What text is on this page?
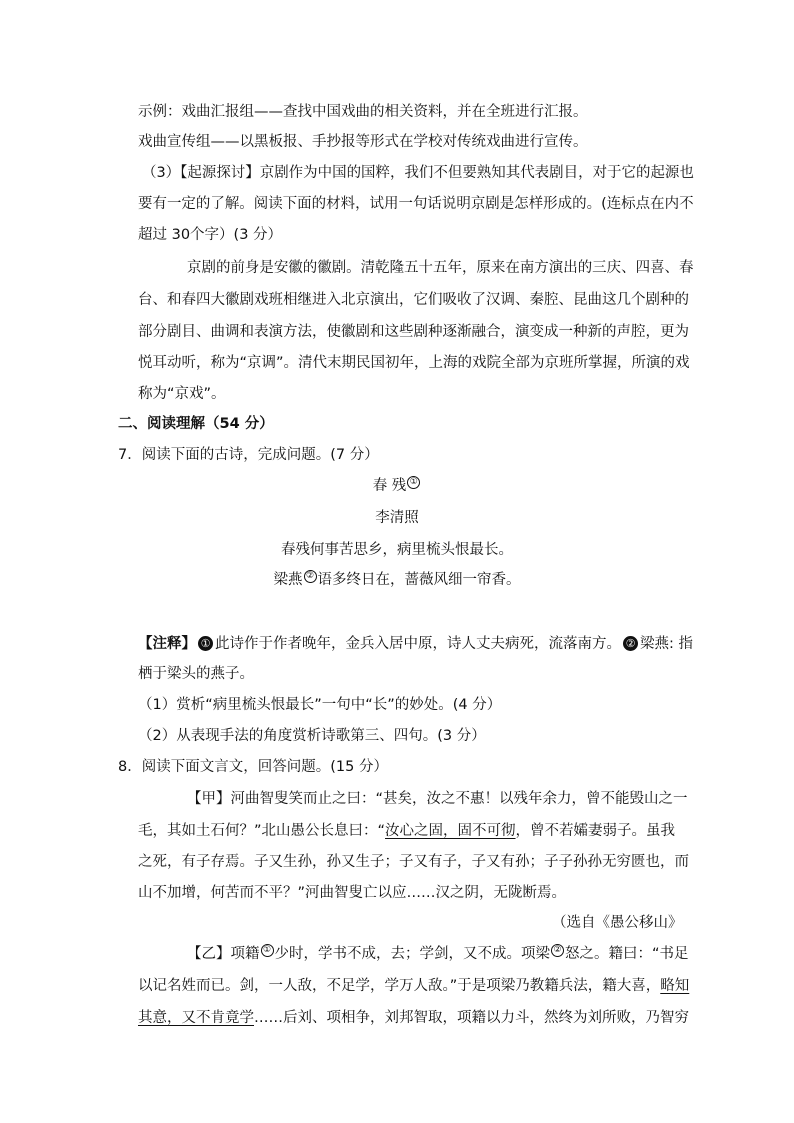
示例：戏曲汇报组——查找中国戏曲的相关资料，并在全班进行汇报。
戏曲宣传组——以黑板报、手抄报等形式在学校对传统戏曲进行宣传。
（3）【起源探讨】京剧作为中国的国粹，我们不但要熟知其代表剧目，对于它的起源也
要有一定的了解。阅读下面的材料，试用一句话说明京剧是怎样形成的。(连标点在内不
超过 30个字）(3 分）
京剧的前身是安徽的徽剧。清乾隆五十五年，原来在南方演出的三庆、四喜、春
台、和春四大徽剧戏班相继进入北京演出，它们吸收了汉调、秦腔、昆曲这几个剧种的
部分剧目、曲调和表演方法，使徽剧和这些剧种逐渐融合，演变成一种新的声腔，更为
悦耳动听，称为“京调”。清代末期民国初年，上海的戏院全部为京班所掌握，所演的戏
称为“京戏”。
二、阅读理解（54 分）
7．阅读下面的古诗，完成问题。(7 分）
春 残 ①
李清照
春残何事苦思乡，病里梳头恨最长。
梁燕 ② 语多终日在，蔷薇风细一帘香。
【注释】 ① 此诗作于作者晚年，金兵入居中原，诗人丈夫病死，流落南方。 ② 梁燕: 指
栖于梁头的燕子。
（1）赏析“病里梳头恨最长”一句中“长”的妙处。(4 分）
（2）从表现手法的角度赏析诗歌第三、四句。(3 分）
8．阅读下面文言文，回答问题。(15 分）
【甲】河曲智叟笑而止之曰：“甚矣，汝之不惠！以残年余力，曾不能毁山之一
毛，其如土石何？”北山愚公长息曰：“汝心之固，固不可彻，曾不若孀妻弱子。虽我
之死，有子存焉。子又生孙，孙又生子；子又有子，子又有孙；子子孙孙无穷匮也，而
山不加增，何苦而不平？”河曲智叟亡以应……汉之阴，无陇断焉。
（选自《愚公移山》
【乙】项籍 ① 少时，学书不成，去；学剑，又不成。项梁 ② 怒之。籍曰：“书足
以记名姓而已。剑，一人敌，不足学，学万人敌。”于是项梁乃教籍兵法，籍大喜，略知
其意，又不肯竟学……后刘、项相争，刘邦智取，项籍以力斗，然终为刘所败，乃智穷
